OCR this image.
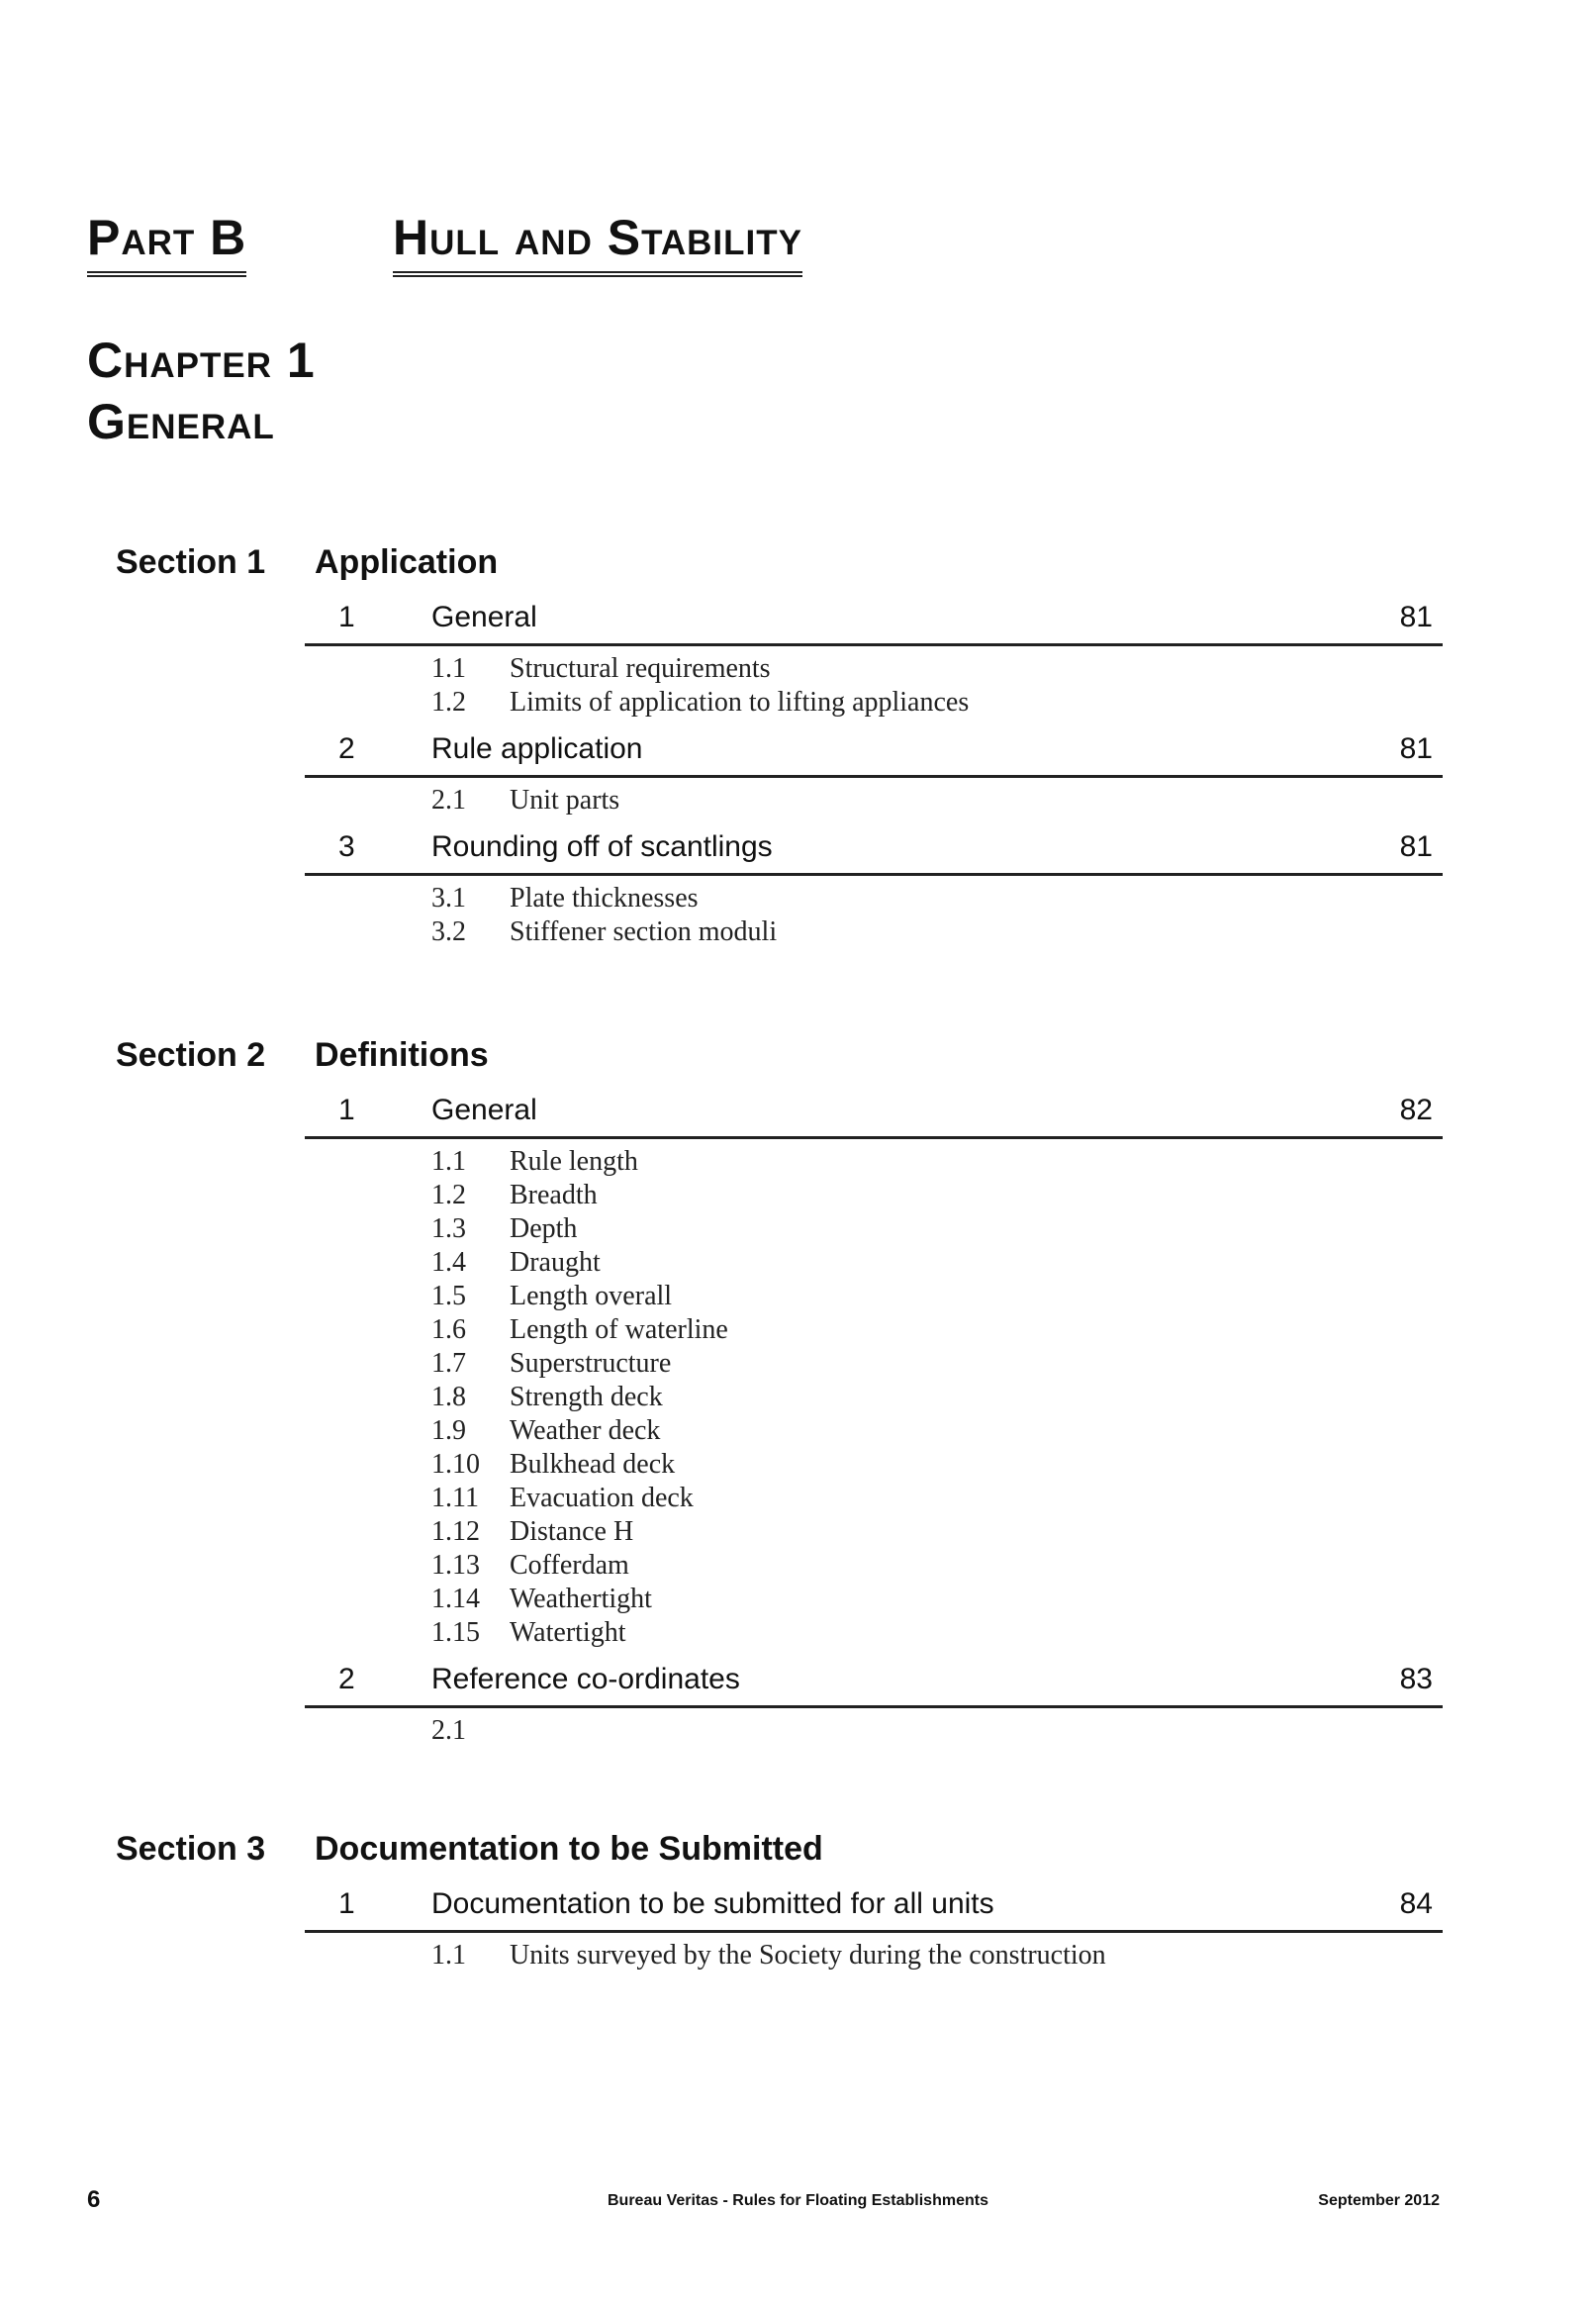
Part B	Hull and Stability
Chapter 1
General
Section 1 Application
1	General	81
1.1 Structural requirements
1.2 Limits of application to lifting appliances
2	Rule application	81
2.1 Unit parts
3	Rounding off of scantlings	81
3.1 Plate thicknesses
3.2 Stiffener section moduli
Section 2 Definitions
1	General	82
1.1 Rule length
1.2 Breadth
1.3 Depth
1.4 Draught
1.5 Length overall
1.6 Length of waterline
1.7 Superstructure
1.8 Strength deck
1.9 Weather deck
1.10 Bulkhead deck
1.11 Evacuation deck
1.12 Distance H
1.13 Cofferdam
1.14 Weathertight
1.15 Watertight
2	Reference co-ordinates	83
2.1
Section 3 Documentation to be Submitted
1	Documentation to be submitted for all units	84
1.1 Units surveyed by the Society during the construction
6	Bureau Veritas - Rules for Floating Establishments	September 2012
